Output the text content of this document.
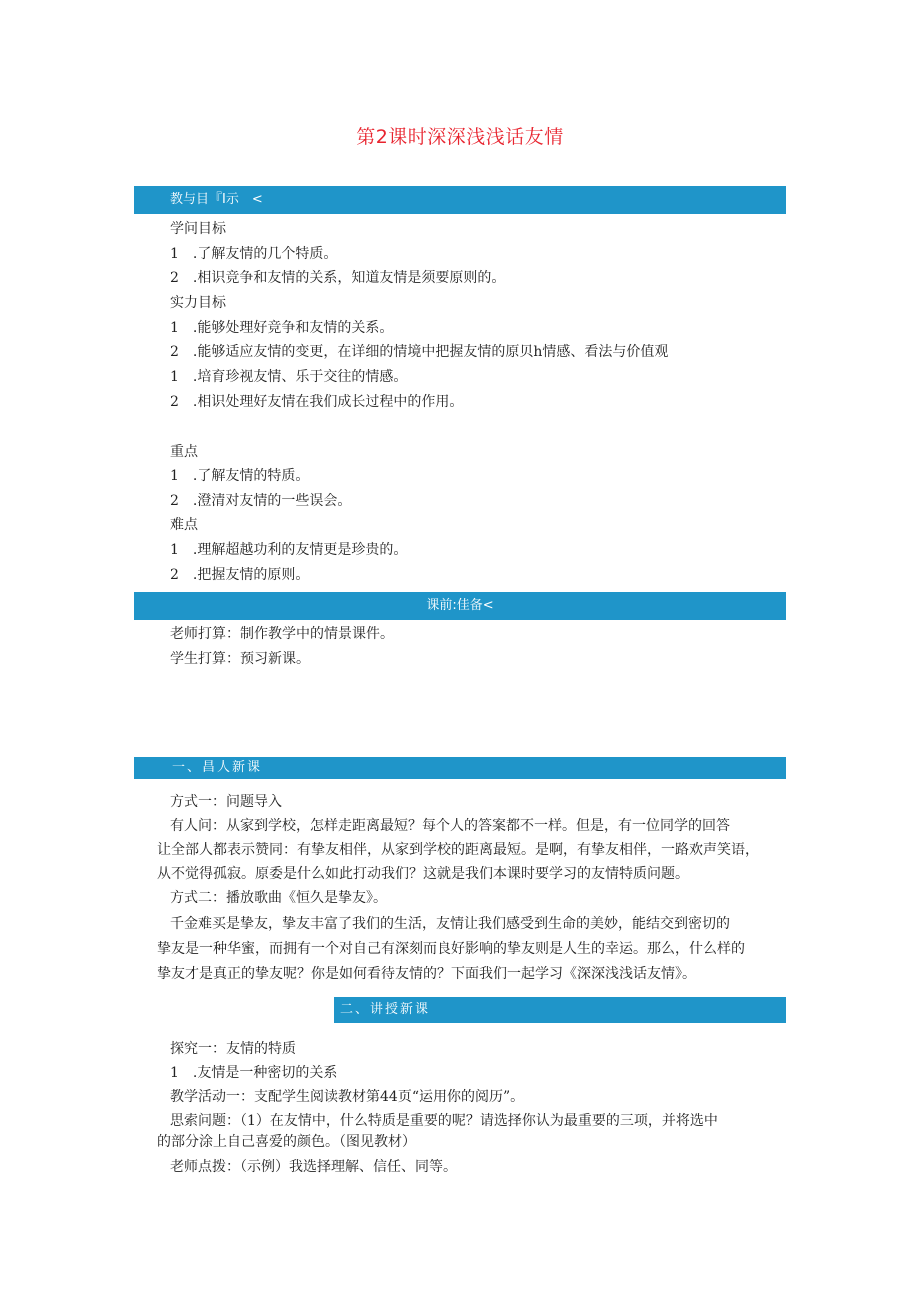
第2课时深深浅浅话友情
教与目『I示　<
学问目标
1　.了解友情的几个特质。
2　.相识竞争和友情的关系，知道友情是须要原则的。
实力目标
1　.能够处理好竞争和友情的关系。
2　.能够适应友情的变更，在详细的情境中把握友情的原贝h情感、看法与价值观
1　.培育珍视友情、乐于交往的情感。
2　.相识处理好友情在我们成长过程中的作用。
重点
1　.了解友情的特质。
2　.澄清对友情的一些误会。
难点
1　.理解超越功利的友情更是珍贵的。
2　.把握友情的原则。
课前:佳备<
老师打算：制作教学中的情景课件。
学生打算：预习新课。
一、昌人新课
方式一：问题导入
有人问：从家到学校，怎样走距离最短？每个人的答案都不一样。但是，有一位同学的回答
让全部人都表示赞同：有挚友相伴，从家到学校的距离最短。是啊，有挚友相伴，一路欢声笑语，
从不觉得孤寂。原委是什么如此打动我们？这就是我们本课时要学习的友情特质问题。
方式二：播放歌曲《恒久是挚友》。
千金难买是挚友，挚友丰富了我们的生活，友情让我们感受到生命的美妙，能结交到密切的
挚友是一种华蜜，而拥有一个对自己有深刻而良好影响的挚友则是人生的幸运。那么，什么样的
挚友才是真正的挚友呢？你是如何看待友情的？下面我们一起学习《深深浅浅话友情》。
二、讲授新课
探究一：友情的特质
1　.友情是一种密切的关系
教学活动一：支配学生阅读教材第44页“运用你的阅历”。
思索问题：（1）在友情中，什么特质是重要的呢？请选择你认为最重要的三项，并将选中
的部分涂上自己喜爱的颜色。（图见教材）
老师点拨：（示例）我选择理解、信任、同等。
